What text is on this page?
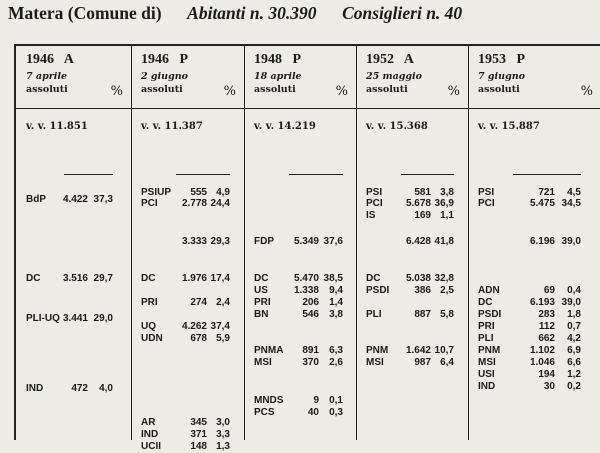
Matera (Comune di) Abitanti n. 30.390 Consiglieri n. 40
1946   A
7 aprile
assoluti	%
v. v. 11.851
BdP 4.422 37,3
DC 3.516 29,7
PLI-UQ 3.441 29,0
IND	472 4,0
1946   P
2 giugno
assoluti	%
v. v. 11.387
PSIUP 555 4,9
PCI 2.778 24,4
3.333 29,3
DC	1.976 17,4
PRI	274 2,4
UQ	4.262 37,4
UDN	678 5,9
AR	345 3,0
IND	371 3,3
UCII	148 1,3
1948   P
18 aprile
assoluti	%
v. v. 14.219
FDP 5.349 37,6
DC	5.470 38,5
US	1.338 9,4
PRI	206 1,4
BN	546 3,8
PNMA 891 6,3
MSI	370 2,6
MNDS	9 0,1
PCS	40 0,3
1952   A
25 maggio
assoluti	%
v. v. 15.368
PSI	581 3,8
PCI 5.678 36,9
IS	169 1,1
6.428 41,8
DC	5.038 32,8
PSDI 386 2,5
PLI	887 5,8
PNM 1.642 10,7
MSI	987 6,4
1953   P
7 giugno
assoluti	%
v. v. 15.887
PSI	721 4,5
PCI	5.475 34,5
6.196 39,0
ADN	69 0,4
DC	6.193 39,0
PSDI	283 1,8
PRI	112 0,7
PLI	662 4,2
PNM	1.102 6,9
MSI	1.046 6,6
USI	194 1,2
IND	30 0,2
